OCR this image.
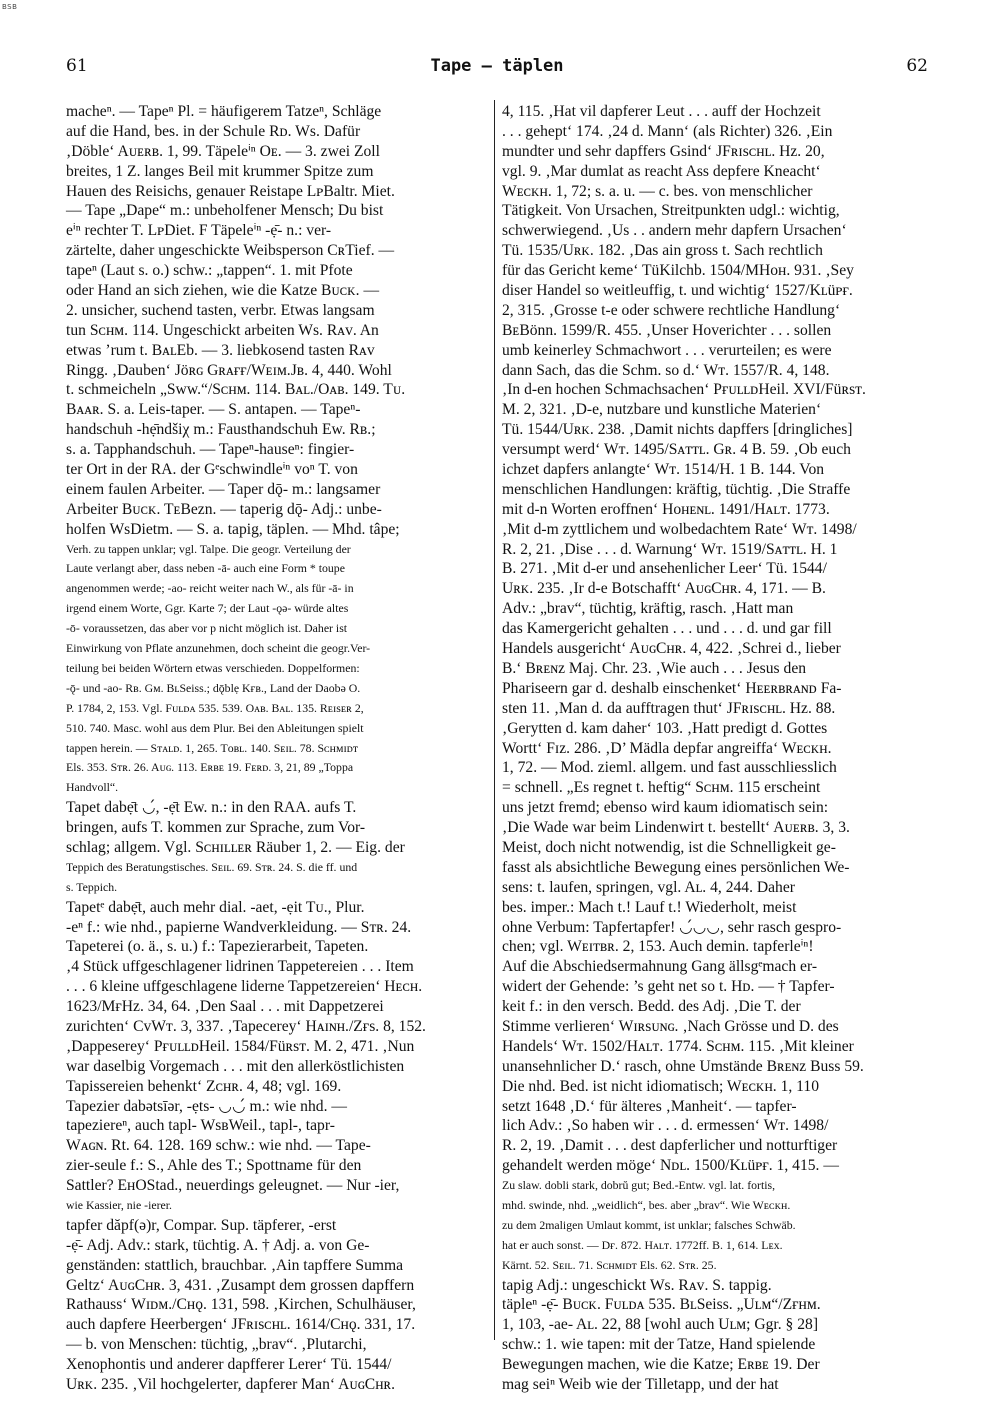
BSB
61	Tape — täplen	62
macheⁿ. — Tapeⁿ Pl. = häufigerem Tatzeⁿ, Schläge
auf die Hand, bes. in der Schule Rᴅ. Ws. Dafür
‚Döble‘ Aᴜᴇʀʙ. 1, 99. Täpeleⁱⁿ Oᴇ. — 3. zwei Zoll
breites, 1 Z. langes Beil mit krummer Spitze zum
Hauen des Reisichs, genauer Reistape LᴘBaltr. Miet.
— Tape „Dape“ m.: unbeholfener Mensch; Du bist
eⁱⁿ rechter T. LᴘDiet. F Täpeleⁱⁿ -ẹ̄- n.: ver-
zärtelte, daher ungeschickte Weibsperson CʀTief. —
tapeⁿ (Laut s. o.) schw.: „tappen“. 1. mit Pfote
oder Hand an sich ziehen, wie die Katze Bᴜᴄᴋ. —
2. unsicher, suchend tasten, verbr. Etwas langsam
tun Sᴄʜᴍ. 114. Ungeschickt arbeiten Ws. Rᴀᴠ. An
etwas ’rum t. BᴀʟEb. — 3. liebkosend tasten Rᴀᴠ
Ringg. ‚Dauben‘ Jöʀɢ Gʀᴀғғ/Wᴇɪᴍ.Jʙ. 4, 440. Wohl
t. schmeicheln „Sww.“/Sᴄʜᴍ. 114. Bᴀʟ./Oᴀʙ. 149. Tᴜ.
Bᴀᴀʀ. S. a. Leis-taper. — S. antapen. — Tapeⁿ-
handschuh -hẹ̄ndšiχ m.: Fausthandschuh Ew. Rʙ.;
s. a. Tapphandschuh. — Tapeⁿ-hauseⁿ: fingier-
ter Ort in der RA. der Gᵉschwindleⁱⁿ voⁿ T. von
einem faulen Arbeiter. — Taper dǭ- m.: langsamer
Arbeiter Bᴜᴄᴋ. TᴇBezn. — taperig dǭ- Adj.: unbe-
holfen WsDietm. — S. a. tapig, täplen. — Mhd. tâpe;
Verh. zu tappen unklar; vgl. Talpe. Die geogr. Verteilung der
Laute verlangt aber, dass neben -ā- auch eine Form * toupe
angenommen werde; -ao- reicht weiter nach W., als für -ā- in
irgend einem Worte, Ggr. Karte 7; der Laut -ǫə- würde altes
-ō- voraussetzen, das aber vor p nicht möglich ist. Daher ist
Einwirkung von Pflate anzunehmen, doch scheint die geogr.Ver-
teilung bei beiden Wörtern etwas verschieden. Doppelformen:
-ǭ- und -ao- Rʙ. Gᴍ. BʟSeiss.; dǭblẹ Kғʙ., Land der Daobə O.
P. 1784, 2, 153. Vgl. Fᴜʟᴅᴀ 535. 539. Oᴀʙ. Bᴀʟ. 135. Rᴇɪsᴇʀ 2,
510. 740. Masc. wohl aus dem Plur. Bei den Ableitungen spielt
tappen herein. — Sᴛᴀʟᴅ. 1, 265. Tᴏʙʟ. 140. Sᴇɪʟ. 78. Sᴄʜᴍɪᴅᴛ
Els. 353. Sᴛʀ. 26. Aᴜɢ. 113. Eʀʙᴇ 19. Fᴇʀᴅ. 3, 21, 89 „Toppa
Handvoll“.
Tapet dabẹ̄t ◡́, -ẹ̄t Ew. n.: in den RAA. aufs T.
bringen, aufs T. kommen zur Sprache, zum Vor-
schlag; allgem. Vgl. Sᴄʜɪʟʟᴇʀ Räuber 1, 2. — Eig. der
Teppich des Beratungstisches. Sᴇɪʟ. 69. Sᴛʀ. 24. S. die ff. und
s. Teppich.
Tapetᵉ dabẹ̄t, auch mehr dial. -aet, -ẹit Tᴜ., Plur.
-eⁿ f.: wie nhd., papierne Wandverkleidung. — Sᴛʀ. 24.
Tapeterei (o. ä., s. u.) f.: Tapezierarbeit, Tapeten.
‚4 Stück uffgeschlagener lidrinen Tappetereien . . . Item
. . . 6 kleine uffgeschlagene liderne Tappetzereien‘ Hᴇᴄʜ.
1623/MғHz. 34, 64. ‚Den Saal . . . mit Dappetzerei
zurichten‘ CᴠWᴛ. 3, 337. ‚Tapecerey‘ Hᴀɪɴʜ./Zғs. 8, 152.
‚Dappeserey‘ PғᴜʟʟᴅHeil. 1584/Füʀsᴛ. M. 2, 471. ‚Nun
war daselbig Vorgemach . . . mit den allerköstlichisten
Tapissereien behenkt‘ Zᴄʜʀ. 4, 48; vgl. 169.
Tapezier dabətsīər, -ẹts- ◡◡́ m.: wie nhd. —
tapeziereⁿ, auch tapl- WsʙWeil., tapl-, tapr-
Wᴀɢɴ. Rt. 64. 128. 169 schw.: wie nhd. — Tape-
zier-seule f.: S., Ahle des T.; Spottname für den
Sattler? EʜOStad., neuerdings geleugnet. — Nur -ier,
wie Kassier, nie -ierer.
tapfer dăpf(ə)r, Compar. Sup. täpferer, -erst
-ẹ̄- Adj. Adv.: stark, tüchtig. A. † Adj. a. von Ge-
genständen: stattlich, brauchbar. ‚Ain tapffere Summa
Geltz‘ AᴜɢCʜʀ. 3, 431. ‚Zusampt dem grossen dapffern
Rathauss‘ Wɪᴅᴍ./Cʜǫ. 131, 598. ‚Kirchen, Schulhäuser,
auch dapfere Heerbergen‘ JFʀɪsᴄʜʟ. 1614/Cʜǫ. 331, 17.
— b. von Menschen: tüchtig, „brav“. ‚Plutarchi,
Xenophontis und anderer dapfferer Lerer‘ Tü. 1544/
Uʀᴋ. 235. ‚Vil hochgelerter, dapferer Man‘ AᴜɢCʜʀ.
4, 115. ‚Hat vil dapferer Leut . . . auff der Hochzeit
. . . gehept‘ 174. ‚24 d. Mann‘ (als Richter) 326. ‚Ein
mundter und sehr dapffers Gsind‘ JFʀɪsᴄʜʟ. Hz. 20,
vgl. 9. ‚Mar dumlat as reacht Ass depfere Kneacht‘
Wᴇᴄᴋʜ. 1, 72; s. a. u. — c. bes. von menschlicher
Tätigkeit. Von Ursachen, Streitpunkten udgl.: wichtig,
schwerwiegend. ‚Us . . andern mehr dapfern Ursachen‘
Tü. 1535/Uʀᴋ. 182. ‚Das ain gross t. Sach rechtlich
für das Gericht keme‘ TüKilchb. 1504/MHᴏʜ. 931. ‚Sey
diser Handel so weitleuffig, t. und wichtig‘ 1527/Kʟüᴘғ.
2, 315. ‚Grosse t-e oder schwere rechtliche Handlung‘
BᴇBönn. 1599/R. 455. ‚Unser Hoverichter . . . sollen
umb keinerley Schmachwort . . . verurteilen; es were
dann Sach, das die Schm. so d.‘ Wᴛ. 1557/R. 4, 148.
‚In d-en hochen Schmachsachen‘ PғᴜʟʟᴅHeil. XVI/Füʀsᴛ.
M. 2, 321. ‚D-e, nutzbare und kunstliche Materien‘
Tü. 1544/Uʀᴋ. 238. ‚Damit nichts dapffers [dringliches]
versumpt werd‘ Wᴛ. 1495/Sᴀᴛᴛʟ. Gʀ. 4 B. 59. ‚Ob euch
ichzet dapfers anlangte‘ Wᴛ. 1514/H. 1 B. 144. Von
menschlichen Handlungen: kräftig, tüchtig. ‚Die Straffe
mit d-n Worten eroffnen‘ Hᴏʜᴇɴʟ. 1491/Hᴀʟᴛ. 1773.
‚Mit d-m zyttlichem und wolbedachtem Rate‘ Wᴛ. 1498/
R. 2, 21. ‚Dise . . . d. Warnung‘ Wᴛ. 1519/Sᴀᴛᴛʟ. H. 1
B. 271. ‚Mit d-er und ansehenlicher Leer‘ Tü. 1544/
Uʀᴋ. 235. ‚Ir d-e Botschafft‘ AᴜɢCʜʀ. 4, 171. — B.
Adv.: „brav“, tüchtig, kräftig, rasch. ‚Hatt man
das Kamergericht gehalten . . . und . . . d. und gar fill
Handels ausgericht‘ AᴜɢCʜʀ. 4, 422. ‚Schrei d., lieber
B.‘ Bʀᴇɴᴢ Maj. Chr. 23. ‚Wie auch . . . Jesus den
Phariseern gar d. deshalb einschenket‘ Hᴇᴇʀʙʀᴀɴᴅ Fa-
sten 11. ‚Man d. da aufftragen thut‘ JFʀɪsᴄʜʟ. Hz. 88.
‚Gerytten d. kam daher‘ 103. ‚Hatt predigt d. Gottes
Wortt‘ Fɪᴢ. 286. ‚D’ Mädla depfar angreiffa‘ Wᴇᴄᴋʜ.
1, 72. — Mod. zieml. allgem. und fast ausschliesslich
= schnell. „Es regnet t. heftig“ Sᴄʜᴍ. 115 erscheint
uns jetzt fremd; ebenso wird kaum idiomatisch sein:
‚Die Wade war beim Lindenwirt t. bestellt‘ Aᴜᴇʀʙ. 3, 3.
Meist, doch nicht notwendig, ist die Schnelligkeit ge-
fasst als absichtliche Bewegung eines persönlichen We-
sens: t. laufen, springen, vgl. Aʟ. 4, 244. Daher
bes. imper.: Mach t.! Lauf t.! Wiederholt, meist
ohne Verbum: Tapfertapfer! ◡́◡◡, sehr rasch gespro-
chen; vgl. Wᴇɪᴛʙʀ. 2, 153. Auch demin. tapferleⁱⁿ!
Auf die Abschiedsermahnung Gang ällsgᵉmach er-
widert der Gehende: ’s geht net so t. Hᴅ. — † Tapfer-
keit f.: in den versch. Bedd. des Adj. ‚Die T. der
Stimme verlieren‘ Wɪʀsᴜɴɢ. ‚Nach Grösse und D. des
Handels‘ Wᴛ. 1502/Hᴀʟᴛ. 1774. Sᴄʜᴍ. 115. ‚Mit kleiner
unansehnlicher D.‘ rasch, ohne Umstände Bʀᴇɴᴢ Buss 59.
Die nhd. Bed. ist nicht idiomatisch; Wᴇᴄᴋʜ. 1, 110
setzt 1648 ‚D.‘ für älteres ‚Manheit‘. — tapfer-
lich Adv.: ‚So haben wir . . . d. ermessen‘ Wᴛ. 1498/
R. 2, 19. ‚Damit . . . dest dapferlicher und notturftiger
gehandelt werden möge‘ Nᴅʟ. 1500/Kʟüᴘғ. 1, 415. —
Zu slaw. dobli stark, dobrŭ gut; Bed.-Entw. vgl. lat. fortis,
mhd. swinde, nhd. „weidlich“, bes. aber „brav“. Wie Wᴇᴄᴋʜ.
zu dem 2maligen Umlaut kommt, ist unklar; falsches Schwäb.
hat er auch sonst. — Dғ. 872. Hᴀʟᴛ. 1772ff. B. 1, 614. Lᴇx.
Kärnt. 52. Sᴇɪʟ. 71. Sᴄʜᴍɪᴅᴛ Els. 62. Sᴛʀ. 25.
tapig Adj.: ungeschickt Ws. Rᴀᴠ. S. tappig.
täpleⁿ -ẹ̄- Bᴜᴄᴋ. Fᴜʟᴅᴀ 535. BʟSeiss. „Uʟᴍ“/Zғʜᴍ.
1, 103, -ae- Aʟ. 22, 88 [wohl auch Uʟᴍ; Ggr. § 28]
schw.: 1. wie tapen: mit der Tatze, Hand spielende
Bewegungen machen, wie die Katze; Eʀʙᴇ 19. Der
mag seiⁿ Weib wie der Tilletapp, und der hat
